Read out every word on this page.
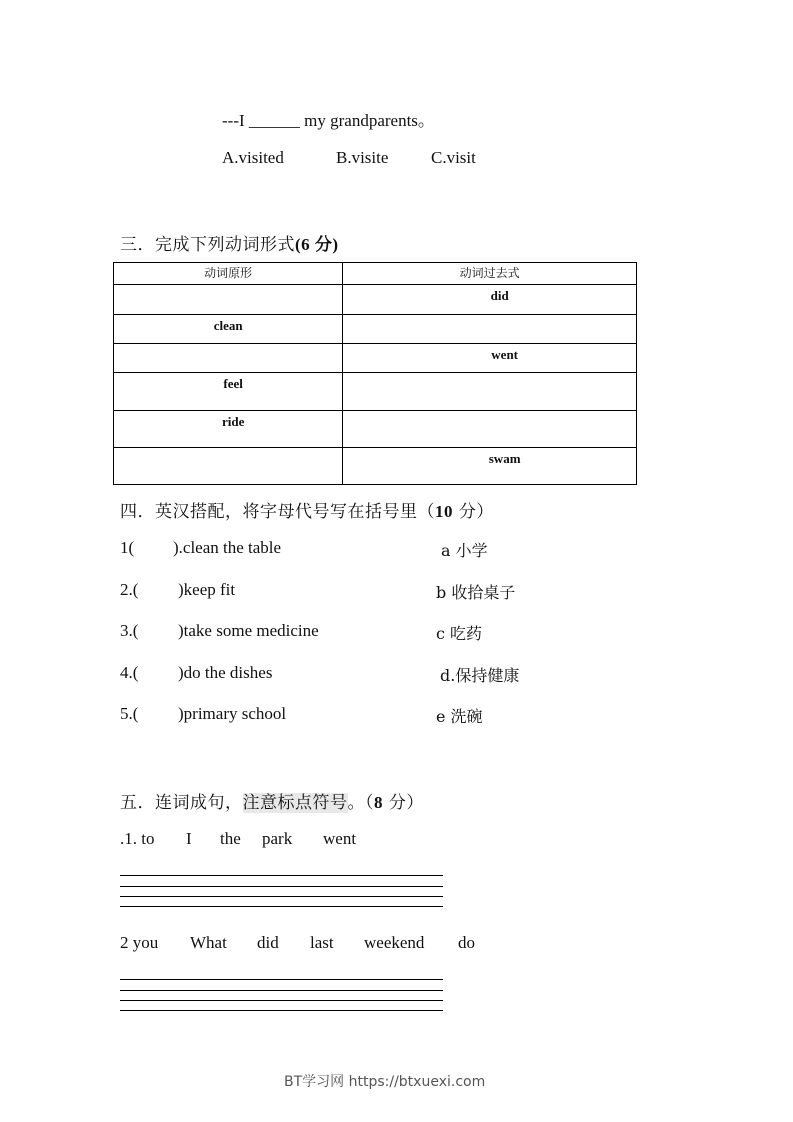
---I ______ my grandparents。
A.visited	B.visite	C.visit
三．完成下列动词形式(6 分)
动词原形	动词过去式
	did
clean	
	went
feel	
ride	
	swam
四．英汉搭配，将字母代号写在括号里（10 分）
1( ).clean the table	a 小学
2.( )keep fit	b 收拾桌子
3.( )take some medicine	c 吃药
4.( )do the dishes	d.保持健康
5.( )primary school	e 洗碗
五．连词成句，注意标点符号。（8 分）
.1. to I the park went
2 you What did last weekend do
BT学习网 https://btxuexi.com
